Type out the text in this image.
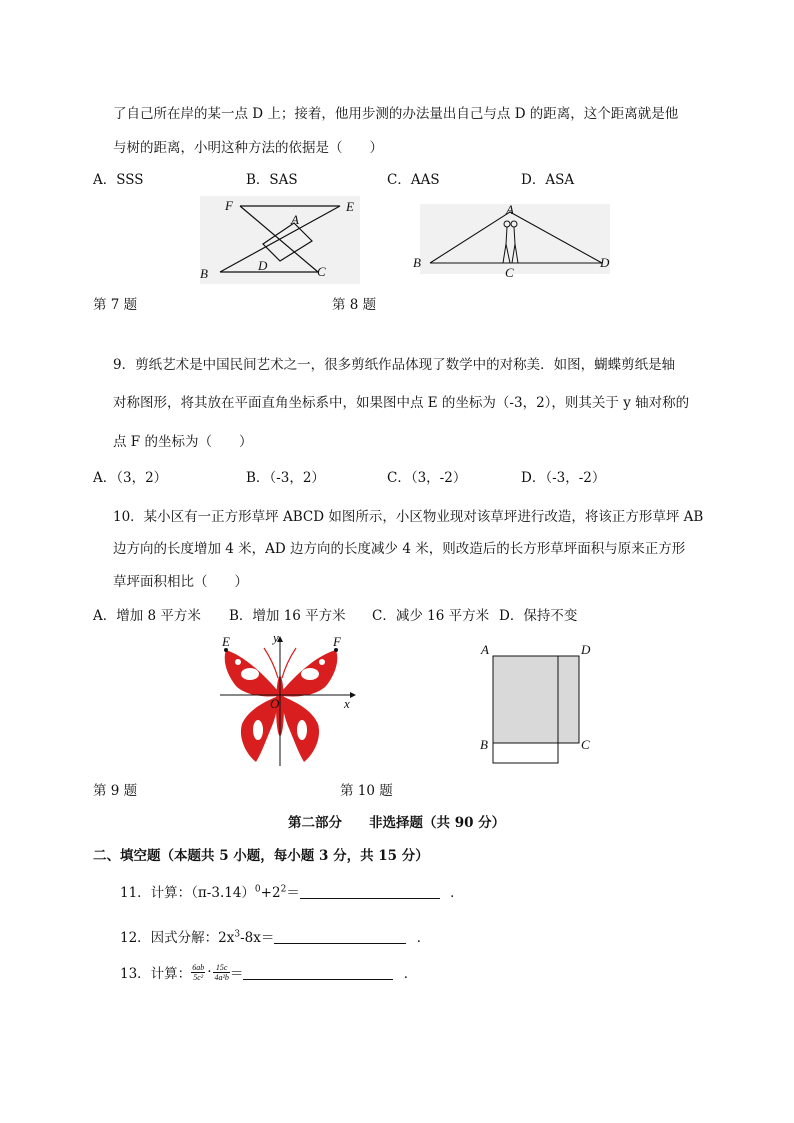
了自己所在岸的某一点 D 上；接着，他用步测的办法量出自己与点 D 的距离，这个距离就是他
与树的距离，小明这种方法的依据是（　　）
A．SSS	B．SAS	C．AAS	D．ASA
F
A
E
B
D	C
A
B
C
D
第 7 题	第 8 题
9．剪纸艺术是中国民间艺术之一，很多剪纸作品体现了数学中的对称美．如图，蝴蝶剪纸是轴
对称图形，将其放在平面直角坐标系中，如果图中点 E 的坐标为（-3，2），则其关于 y 轴对称的
点 F 的坐标为（　　）
A．（3，2）	B．（-3，2）	C．（3，-2）	D．（-3，-2）
10．某小区有一正方形草坪 ABCD 如图所示，小区物业现对该草坪进行改造，将该正方形草坪 AB
边方向的长度增加 4 米，AD 边方向的长度减少 4 米，则改造后的长方形草坪面积与原来正方形
草坪面积相比（　　）
A．增加 8 平方米 B．增加 16 平方米 C．减少 16 平方米 D．保持不变
E	F
y
x
O
A	D
B	C
第 9 题	第 10 题
第二部分　　非选择题（共 90 分）
二、填空题（本题共 5 小题，每小题 3 分，共 15 分）
11．计算：$(\pi-3.14)^0+2^2=$	．
12．因式分解：$2x^3-8x=$	．
13．计算： $\frac{6ab}{\text{5c²}} \cdot \frac{15c}{\text{4a²b}}$ ＝	．
